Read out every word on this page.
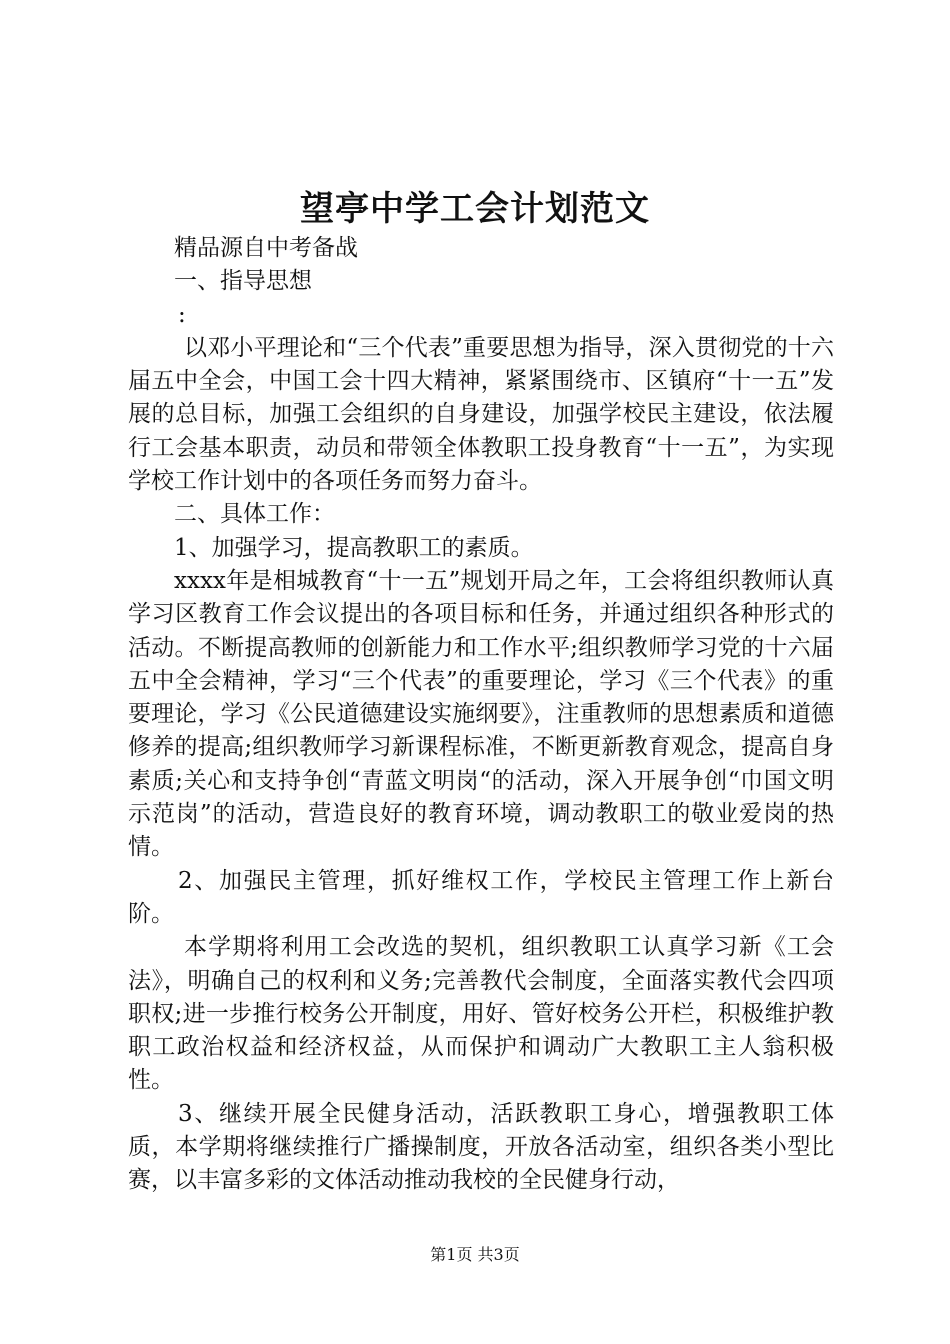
望亭中学工会计划范文

精品源自中考备战

一、指导思想

:

以邓小平理论和“三个代表”重要思想为指导，深入贯彻党的十六届五中全会，中国工会十四大精神，紧紧围绕市、区镇府“十一五”发展的总目标，加强工会组织的自身建设，加强学校民主建设，依法履行工会基本职责，动员和带领全体教职工投身教育“十一五”，为实现学校工作计划中的各项任务而努力奋斗。

二、具体工作：

1、加强学习，提高教职工的素质。

xxxx年是相城教育“十一五”规划开局之年，工会将组织教师认真学习区教育工作会议提出的各项目标和任务，并通过组织各种形式的活动。不断提高教师的创新能力和工作水平;组织教师学习党的十六届五中全会精神，学习“三个代表”的重要理论，学习《三个代表》的重要理论，学习《公民道德建设实施纲要》，注重教师的思想素质和道德修养的提高;组织教师学习新课程标准，不断更新教育观念，提高自身素质;关心和支持争创“青蓝文明岗“的活动，深入开展争创“巾国文明示范岗”的活动，营造良好的教育环境，调动教职工的敬业爱岗的热情。

2、加强民主管理，抓好维权工作，学校民主管理工作上新台阶。

本学期将利用工会改选的契机，组织教职工认真学习新《工会法》，明确自己的权利和义务;完善教代会制度，全面落实教代会四项职权;进一步推行校务公开制度，用好、管好校务公开栏，积极维护教职工政治权益和经济权益，从而保护和调动广大教职工主人翁积极性。

3、继续开展全民健身活动，活跃教职工身心，增强教职工体质，本学期将继续推行广播操制度，开放各活动室，组织各类小型比赛，以丰富多彩的文体活动推动我校的全民健身行动，

第1页 共3页
